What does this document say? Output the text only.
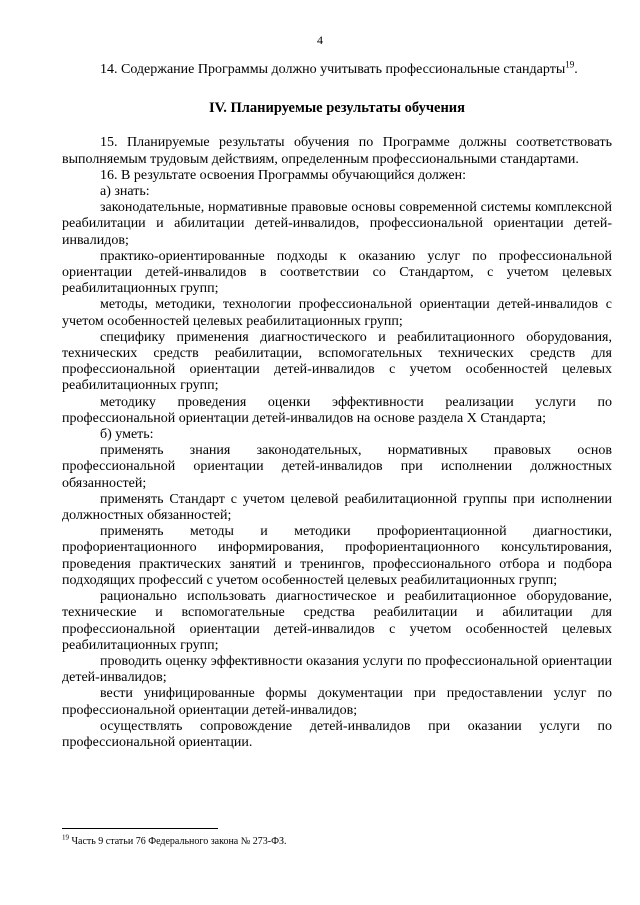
4

14. Содержание Программы должно учитывать профессиональные стандарты$^{19}$.

IV. Планируемые результаты обучения

15. Планируемые результаты обучения по Программе должны соответствовать выполняемым трудовым действиям, определенным профессиональными стандартами.

16. В результате освоения Программы обучающийся должен:

а) знать:

законодательные, нормативные правовые основы современной системы комплексной реабилитации и абилитации детей-инвалидов, профессиональной ориентации детей-инвалидов;

практико-ориентированные подходы к оказанию услуг по профессиональной ориентации детей-инвалидов в соответствии со Стандартом, с учетом целевых реабилитационных групп;

методы, методики, технологии профессиональной ориентации детей-инвалидов с учетом особенностей целевых реабилитационных групп;

специфику применения диагностического и реабилитационного оборудования, технических средств реабилитации, вспомогательных технических средств для профессиональной ориентации детей-инвалидов с учетом особенностей целевых реабилитационных групп;

методику проведения оценки эффективности реализации услуги по профессиональной ориентации детей-инвалидов на основе раздела X Стандарта;

б) уметь:

применять знания законодательных, нормативных правовых основ профессиональной ориентации детей-инвалидов при исполнении должностных обязанностей;

применять Стандарт с учетом целевой реабилитационной группы при исполнении должностных обязанностей;

применять методы и методики профориентационной диагностики, профориентационного информирования, профориентационного консультирования, проведения практических занятий и тренингов, профессионального отбора и подбора подходящих профессий с учетом особенностей целевых реабилитационных групп;

рационально использовать диагностическое и реабилитационное оборудование, технические и вспомогательные средства реабилитации и абилитации для профессиональной ориентации детей-инвалидов с учетом особенностей целевых реабилитационных групп;

проводить оценку эффективности оказания услуги по профессиональной ориентации детей-инвалидов;

вести унифицированные формы документации при предоставлении услуг по профессиональной ориентации детей-инвалидов;

осуществлять сопровождение детей-инвалидов при оказании услуги по профессиональной ориентации.

$^{19}$ Часть 9 статьи 76 Федерального закона № 273-ФЗ.
